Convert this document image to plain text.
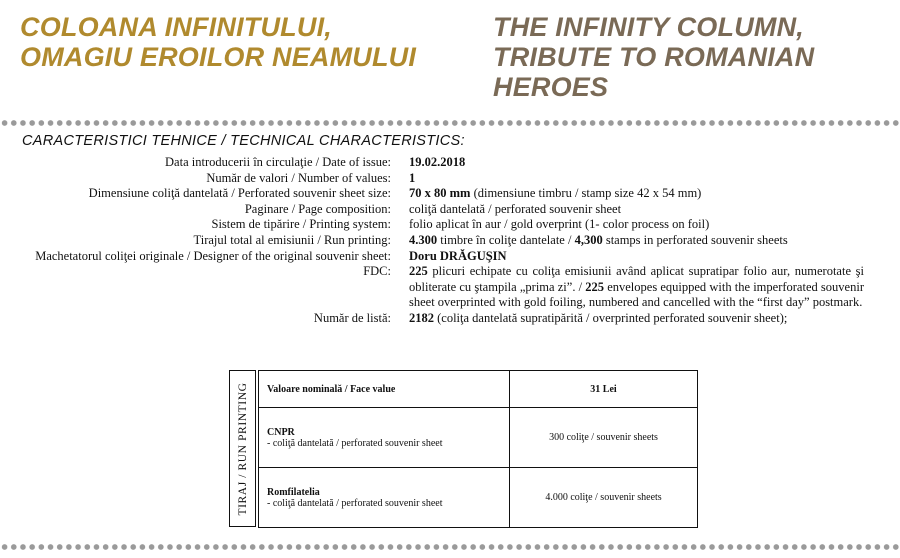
COLOANA INFINITULUI,
OMAGIU EROILOR NEAMULUI
THE INFINITY COLUMN,
TRIBUTE TO ROMANIAN
HEROES
CARACTERISTICI TEHNICE / TECHNICAL CHARACTERISTICS:
Data introducerii în circulaţie / Date of issue:	19.02.2018
Număr de valori / Number of values:	1
Dimensiune coliţă dantelată / Perforated souvenir sheet size:	70 x 80 mm (dimensiune timbru / stamp size 42 x 54 mm)
Paginare / Page composition:	coliţă dantelată / perforated souvenir sheet
Sistem de tipărire / Printing system:	folio aplicat în aur / gold overprint (1- color process on foil)
Tirajul total al emisiunii / Run printing:	4.300 timbre în coliţe dantelate / 4,300 stamps in perforated souvenir sheets
Machetatorul coliţei originale / Designer of the original souvenir sheet:	Doru DRĂGUŞIN
FDC:	225 plicuri echipate cu coliţa emisiunii având aplicat supratipar folio aur, numerotate şi obliterate cu ştampila „prima zi”. / 225 envelopes equipped with the imperforated souvenir sheet overprinted with gold foiling, numbered and cancelled with the “first day” postmark.
Număr de listă:	2182 (coliţa dantelată supratipărită / overprinted perforated souvenir sheet);
TIRAJ / RUN PRINTING Valoare nominală / Face value	31 Lei

CNPR
- coliţă dantelată / perforated souvenir sheet	300 coliţe / souvenir sheets

Romfilatelia
- coliţă dantelată / perforated souvenir sheet	4.000 coliţe / souvenir sheets
